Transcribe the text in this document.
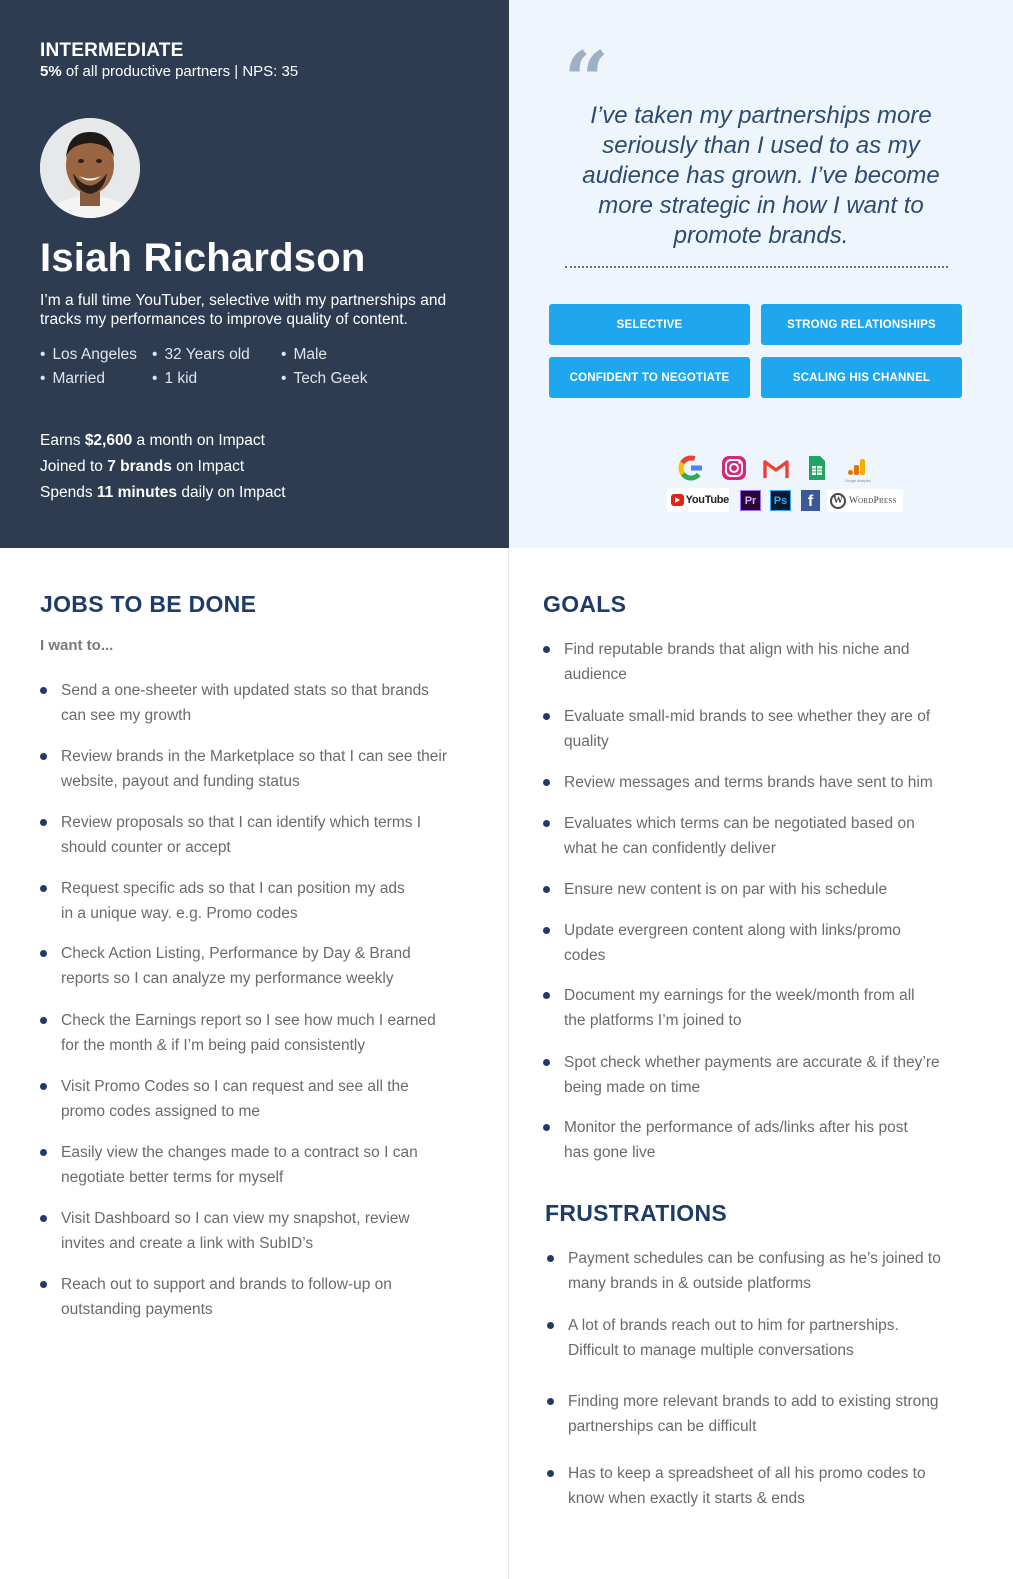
INTERMEDIATE
5% of all productive partners | NPS: 35
Isiah Richardson

I’m a full time YouTuber, selective with my partnerships and tracks my performances to improve quality of content.

• Los Angeles	• 32 Years old	• Male
• Married	• 1 kid	• Tech Geek
Earns $2,600 a month on Impact
Joined to 7 brands on Impact
Spends 11 minutes daily on Impact
“

I’ve taken my partnerships more seriously than I used to as my audience has grown. I’ve become more strategic in how I want to promote brands.

SELECTIVE	STRONG RELATIONSHIPS
CONFIDENT TO NEGOTIATE	SCALING HIS CHANNEL
Google Analytics
YouTube	Pr	Ps	f	W WordPress
JOBS TO BE DONE
I want to...
Send a one-sheeter with updated stats so that brands
can see my growth
Review brands in the Marketplace so that I can see their
website, payout and funding status
Review proposals so that I can identify which terms I
should counter or accept
Request specific ads so that I can position my ads
in a unique way. e.g. Promo codes
Check Action Listing, Performance by Day & Brand
reports so I can analyze my performance weekly
Check the Earnings report so I see how much I earned
for the month & if I’m being paid consistently
Visit Promo Codes so I can request and see all the
promo codes assigned to me
Easily view the changes made to a contract so I can
negotiate better terms for myself
Visit Dashboard so I can view my snapshot, review
invites and create a link with SubID’s
Reach out to support and brands to follow-up on
outstanding payments
GOALS
Find reputable brands that align with his niche and
audience
Evaluate small-mid brands to see whether they are of
quality
Review messages and terms brands have sent to him
Evaluates which terms can be negotiated based on
what he can confidently deliver
Ensure new content is on par with his schedule
Update evergreen content along with links/promo
codes
Document my earnings for the week/month from all
the platforms I’m joined to
Spot check whether payments are accurate & if they’re
being made on time
Monitor the performance of ads/links after his post
has gone live
FRUSTRATIONS
Payment schedules can be confusing as he’s joined to
many brands in & outside platforms
A lot of brands reach out to him for partnerships.
Difficult to manage multiple conversations
Finding more relevant brands to add to existing strong
partnerships can be difficult
Has to keep a spreadsheet of all his promo codes to
know when exactly it starts & ends
